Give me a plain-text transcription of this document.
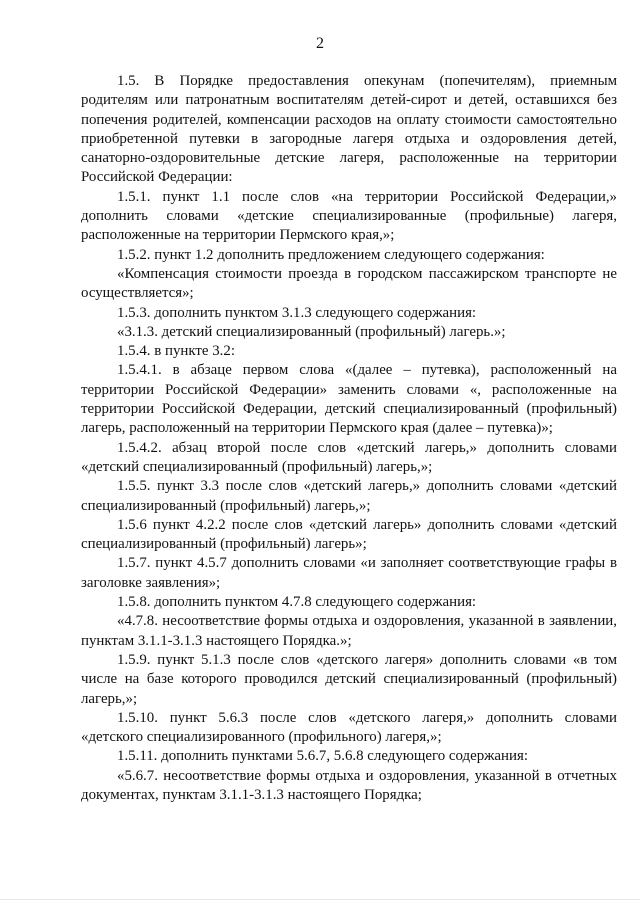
2

1.5. В Порядке предоставления опекунам (попечителям), приемным родителям или патронатным воспитателям детей-сирот и детей, оставшихся без попечения родителей, компенсации расходов на оплату стоимости самостоятельно приобретенной путевки в загородные лагеря отдыха и оздоровления детей, санаторно-оздоровительные детские лагеря, расположенные на территории Российской Федерации:

1.5.1. пункт 1.1 после слов «на территории Российской Федерации,» дополнить словами «детские специализированные (профильные) лагеря, расположенные на территории Пермского края,»;

1.5.2. пункт 1.2 дополнить предложением следующего содержания:

«Компенсация стоимости проезда в городском пассажирском транспорте не осуществляется»;

1.5.3. дополнить пунктом 3.1.3 следующего содержания:

«3.1.3. детский специализированный (профильный) лагерь.»;

1.5.4. в пункте 3.2:

1.5.4.1. в абзаце первом слова «(далее – путевка), расположенный на территории Российской Федерации» заменить словами «, расположенные на территории Российской Федерации, детский специализированный (профильный) лагерь, расположенный на территории Пермского края (далее – путевка)»;

1.5.4.2. абзац второй после слов «детский лагерь,» дополнить словами «детский специализированный (профильный) лагерь,»;

1.5.5. пункт 3.3 после слов «детский лагерь,» дополнить словами «детский специализированный (профильный) лагерь,»;

1.5.6 пункт 4.2.2 после слов «детский лагерь» дополнить словами «детский специализированный (профильный) лагерь»;

1.5.7. пункт 4.5.7 дополнить словами «и заполняет соответствующие графы в заголовке заявления»;

1.5.8. дополнить пунктом 4.7.8 следующего содержания:

«4.7.8. несоответствие формы отдыха и оздоровления, указанной в заявлении, пунктам 3.1.1-3.1.3 настоящего Порядка.»;

1.5.9. пункт 5.1.3 после слов «детского лагеря» дополнить словами «в том числе на базе которого проводился детский специализированный (профильный) лагерь,»;

1.5.10. пункт 5.6.3 после слов «детского лагеря,» дополнить словами «детского специализированного (профильного) лагеря,»;

1.5.11. дополнить пунктами 5.6.7, 5.6.8 следующего содержания:

«5.6.7. несоответствие формы отдыха и оздоровления, указанной в отчетных документах, пунктам 3.1.1-3.1.3 настоящего Порядка;
